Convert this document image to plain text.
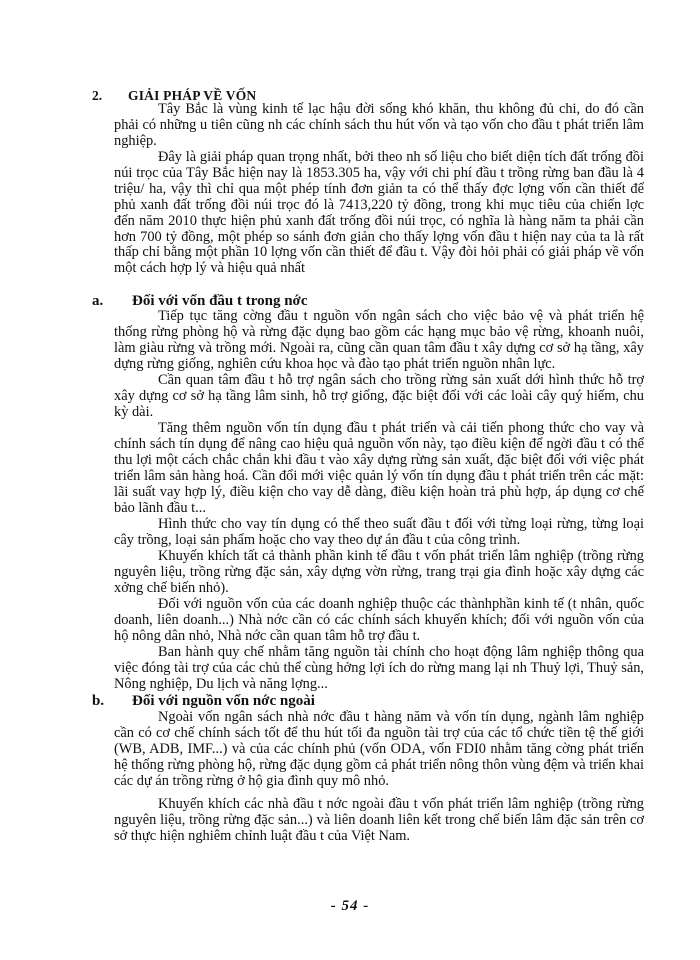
2. GIẢI PHÁP VỀ VỐN

Tây Bắc là vùng kinh tế lạc hậu đời sống khó khăn, thu không đủ chi, do đó cần phải có những u tiên cũng nh các chính sách thu hút vốn và tạo vốn cho đầu t phát triển lâm nghiệp.

Đây là giải pháp quan trọng nhất, bởi theo nh số liệu cho biết diện tích đất trống đồi núi trọc của Tây Bắc hiện nay là 1853.305 ha, vậy với chi phí đầu t trồng rừng ban đầu là 4 triệu/ ha, vậy thì chỉ qua một phép tính đơn giản ta có thể thấy đợc lợng vốn cần thiết để phủ xanh đất trống đồi núi trọc đó là 7413,220 tỷ đồng, trong khi mục tiêu của chiến lợc đến năm 2010 thực hiện phủ xanh đất trống đồi núi trọc, có nghĩa là hàng năm ta phải cần hơn 700 tỷ đồng, một phép so sánh đơn giản cho thấy lợng vốn đầu t hiện nay của ta là rất thấp chỉ bằng một phần 10 lợng vốn cần thiết để đầu t. Vậy đòi hỏi phải có giải pháp về vốn một cách hợp lý và hiệu quả nhất

a. Đối với vốn đầu t trong nớc

Tiếp tục tăng cờng đầu t nguồn vốn ngân sách cho việc bảo vệ và phát triển hệ thống rừng phòng hộ và rừng đặc dụng bao gồm các hạng mục bảo vệ rừng, khoanh nuôi, làm giàu rừng và trồng mới. Ngoài ra, cũng cần quan tâm đầu t xây dựng cơ sở hạ tầng, xây dựng rừng giống, nghiên cứu khoa học và đào tạo phát triển nguồn nhân lực.

Cần quan tâm đầu t hỗ trợ ngân sách cho trồng rừng sản xuất dới hình thức hỗ trợ xây dựng cơ sở hạ tầng lâm sinh, hỗ trợ giống, đặc biệt đối với các loài cây quý hiếm, chu kỳ dài.

Tăng thêm nguồn vốn tín dụng đầu t phát triển và cải tiến phong thức cho vay và chính sách tín dụng để nâng cao hiệu quả nguồn vốn này, tạo điều kiện để ngời đầu t có thể thu lợi một cách chắc chắn khi đầu t vào xây dựng rừng sản xuất, đặc biệt đối với việc phát triển lâm sản hàng hoá. Cần đổi mới việc quản lý vốn tín dụng đầu t phát triển trên các mặt: lãi suất vay hợp lý, điều kiện cho vay dễ dàng, điều kiện hoàn trả phù hợp, áp dụng cơ chế bảo lãnh đầu t...

Hình thức cho vay tín dụng có thể theo suất đầu t đối với từng loại rừng, từng loại cây trồng, loại sản phẩm hoặc cho vay theo dự án đầu t của công trình.

Khuyến khích tất cả thành phần kinh tế đầu t vốn phát triển lâm nghiệp (trồng rừng nguyên liệu, trồng rừng đặc sản, xây dựng vờn rừng, trang trại gia đình hoặc xây dựng các xởng chế biến nhỏ).

Đối với nguồn vốn của các doanh nghiệp thuộc các thànhphần kinh tế (t nhân, quốc doanh, liên doanh...) Nhà nớc cần có các chính sách khuyến khích; đối với nguồn vốn của hộ nông dân nhỏ, Nhà nớc cần quan tâm hỗ trợ đầu t.

Ban hành quy chế nhằm tăng nguồn tài chính cho hoạt động lâm nghiệp thông qua việc đóng tài trợ của các chủ thể cùng hởng lợi ích do rừng mang lại nh Thuỷ lợi, Thuỷ sản, Nông nghiệp, Du lịch và năng lợng...

b. Đối với nguồn vốn nớc ngoài

Ngoài vốn ngân sách nhà nớc đầu t hàng năm và vốn tín dụng, ngành lâm nghiệp cần có cơ chế chính sách tốt để thu hút tối đa nguồn tài trợ của các tổ chức tiền tệ thế giới (WB, ADB, IMF...) và của các chính phủ (vốn ODA, vốn FDI0 nhằm tăng cờng phát triển hệ thống rừng phòng hộ, rừng đặc dụng gồm cả phát triển nông thôn vùng đệm và triển khai các dự án trồng rừng ở hộ gia đình quy mô nhỏ.

Khuyến khích các nhà đầu t nớc ngoài đầu t vốn phát triển lâm nghiệp (trồng rừng nguyên liệu, trồng rừng đặc sản...) và liên doanh liên kết trong chế biến lâm đặc sản trên cơ sở thực hiện nghiêm chỉnh luật đầu t của Việt Nam.

- 54 -
